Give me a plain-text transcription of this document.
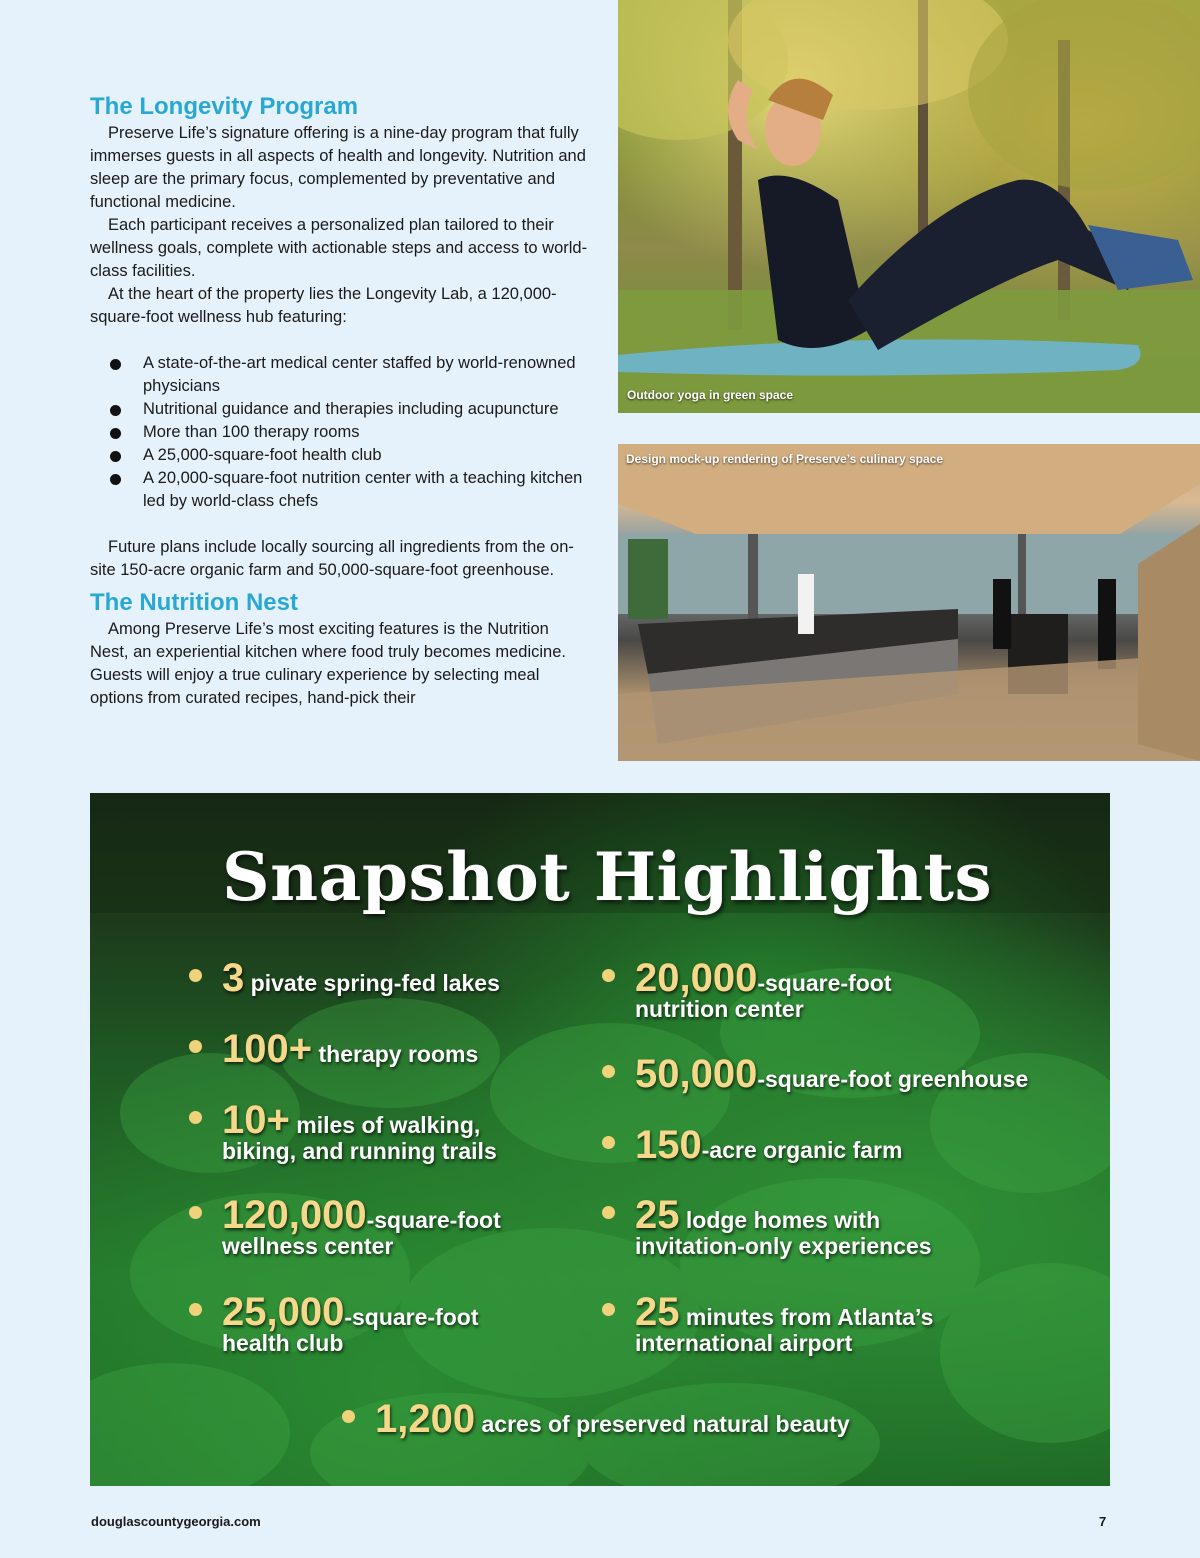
The Longevity Program

Preserve Life’s signature offering is a nine-day program that fully immerses guests in all aspects of health and longevity. Nutrition and sleep are the primary focus, complemented by preventative and functional medicine.

Each participant receives a personalized plan tailored to their wellness goals, complete with actionable steps and access to world-class facilities.

At the heart of the property lies the Longevity Lab, a 120,000-square-foot wellness hub featuring:

A state-of-the-art medical center staffed by world-renowned physicians
Nutritional guidance and therapies including acupuncture
More than 100 therapy rooms
A 25,000-square-foot health club
A 20,000-square-foot nutrition center with a teaching kitchen led by world-class chefs

Future plans include locally sourcing all ingredients from the on-site 150-acre organic farm and 50,000-square-foot greenhouse.

The Nutrition Nest

Among Preserve Life’s most exciting features is the Nutrition Nest, an experiential kitchen where food truly becomes medicine. Guests will enjoy a true culinary experience by selecting meal options from curated recipes, hand-pick their

Outdoor yoga in green space
Design mock-up rendering of Preserve’s culinary space
Snapshot Highlights
3 pivate spring-fed lakes
100+ therapy rooms
10+ miles of walking,
biking, and running trails
120,000-square-foot
wellness center
25,000-square-foot
health club
20,000-square-foot
nutrition center
50,000-square-foot greenhouse
150-acre organic farm
25 lodge homes with
invitation-only experiences
25 minutes from Atlanta’s
international airport
1,200 acres of preserved natural beauty
douglascountygeorgia.com	7
